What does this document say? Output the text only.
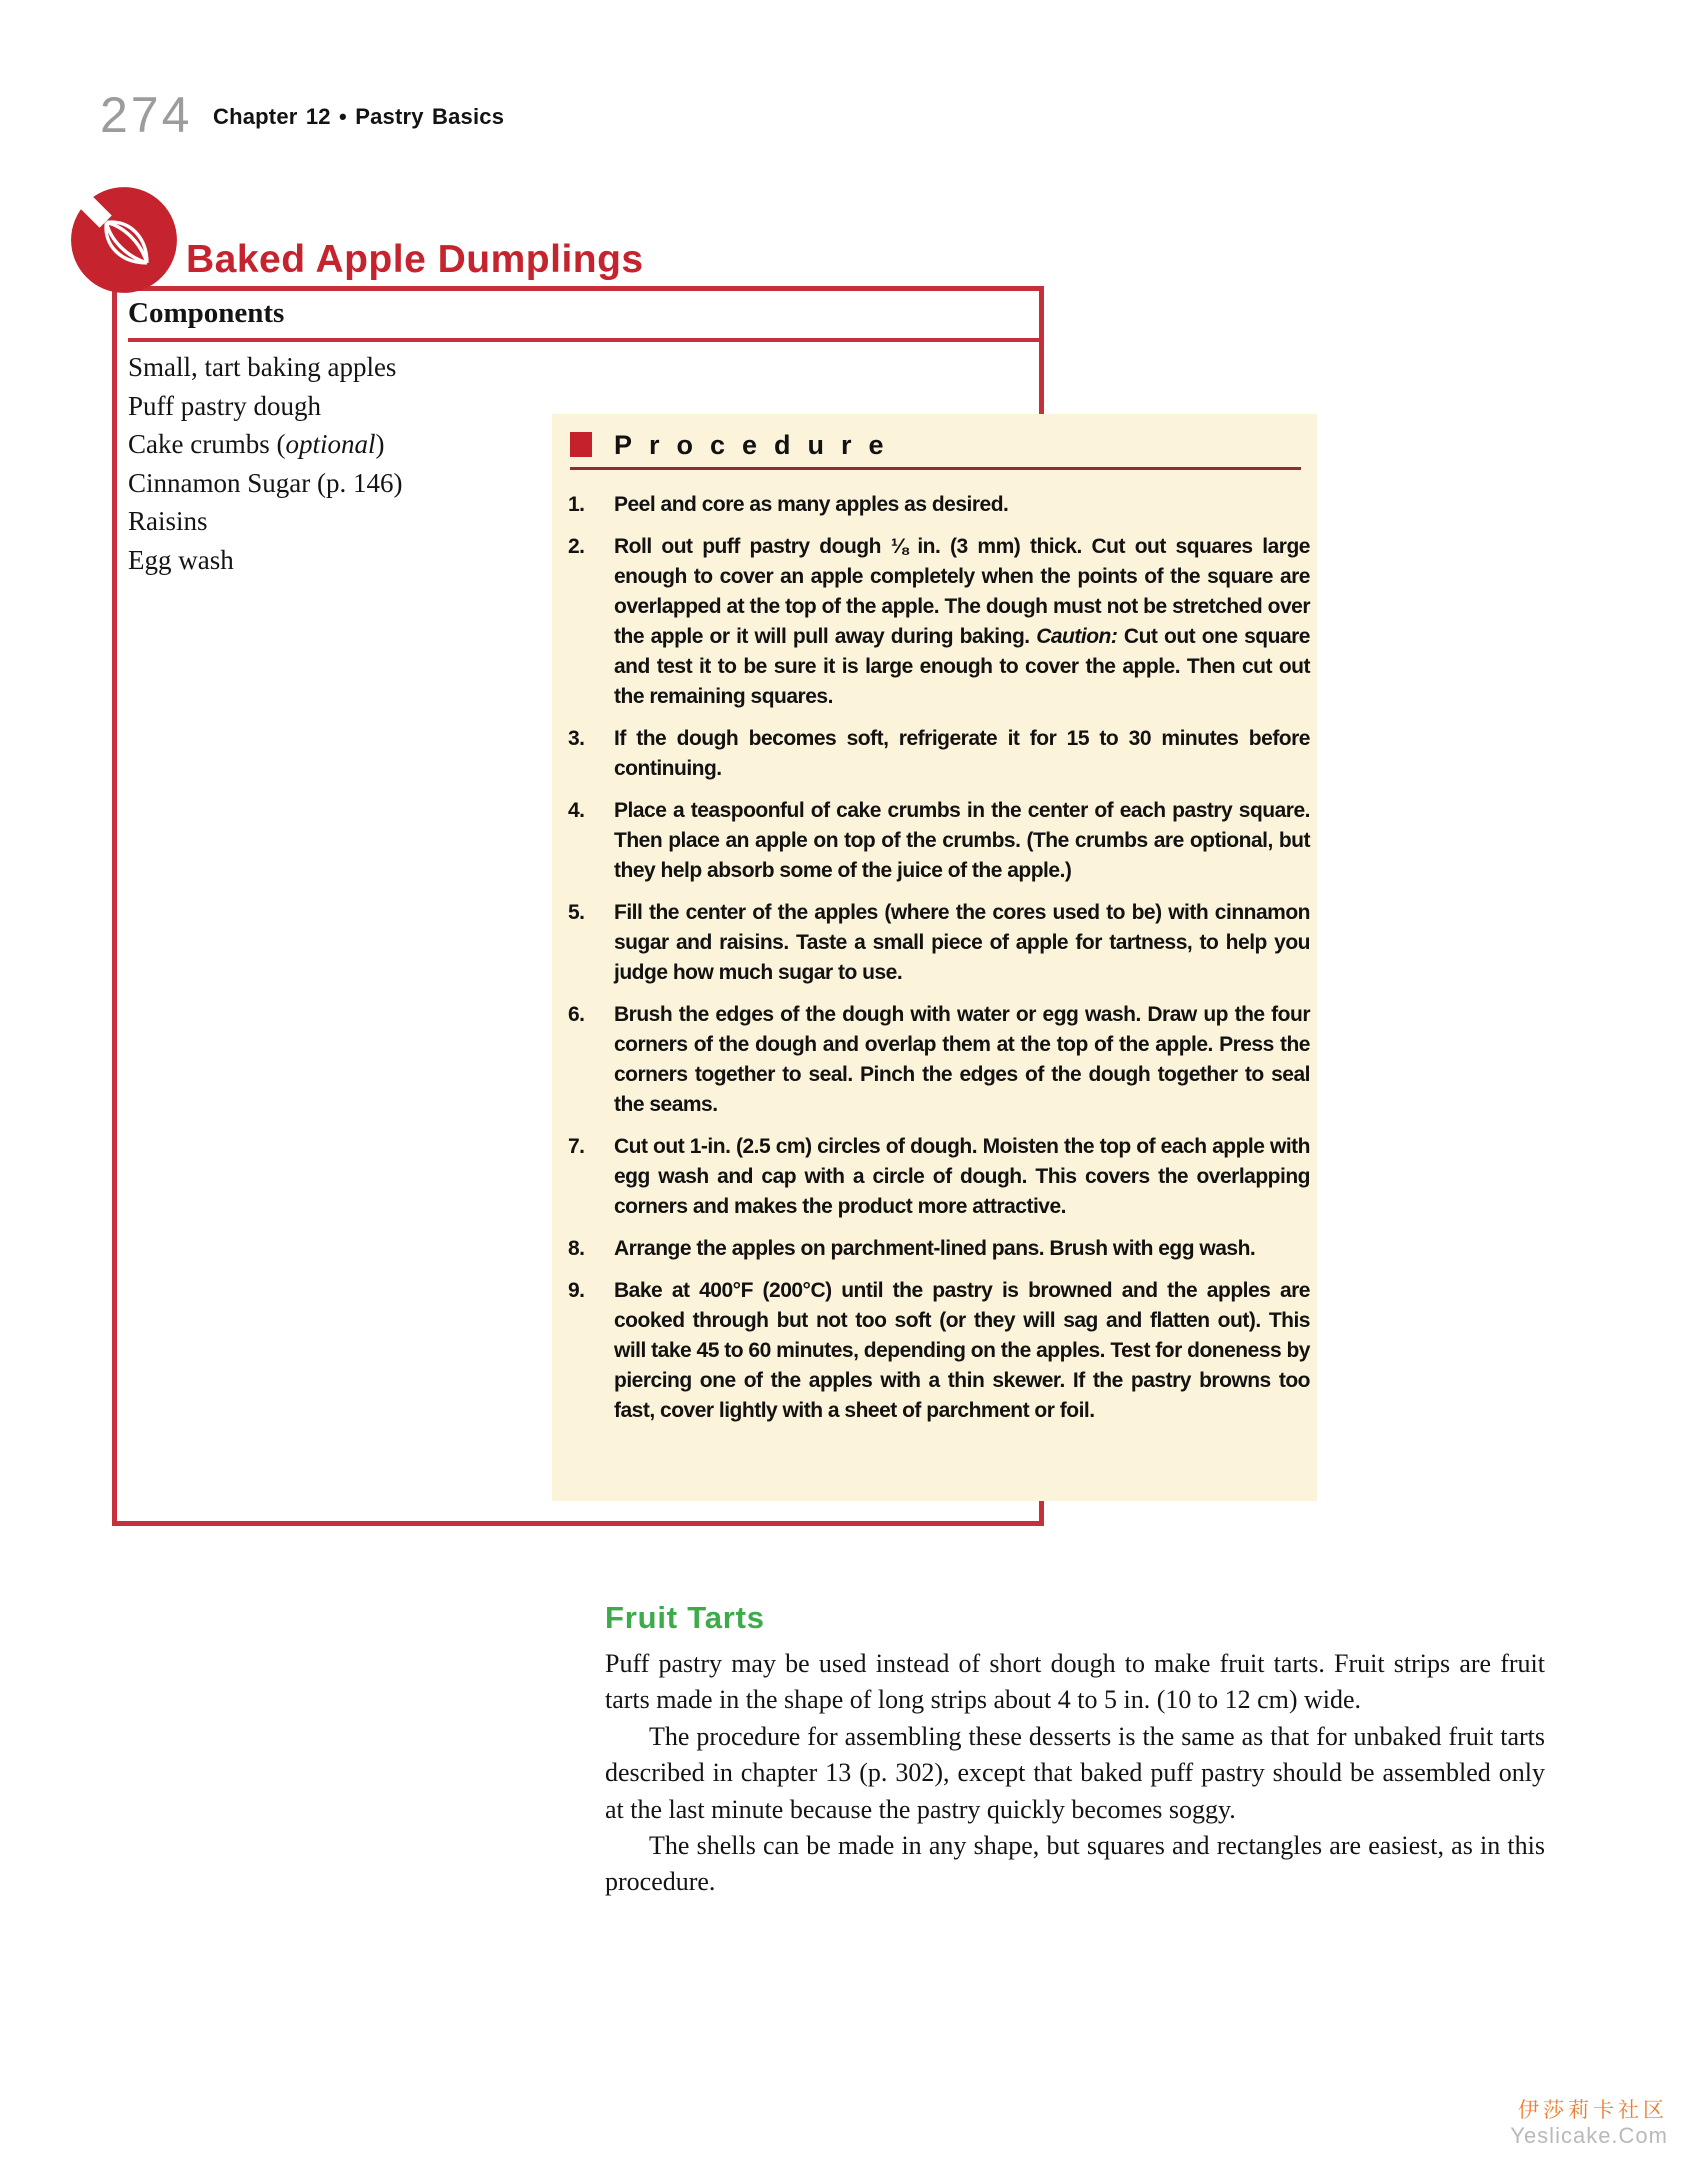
274 Chapter 12 • Pastry Basics
Baked Apple Dumplings
Components
Small, tart baking apples
Puff pastry dough
Cake crumbs (optional)
Cinnamon Sugar (p. 146)
Raisins
Egg wash
Procedure
1.	Peel and core as many apples as desired.
2.	Roll out puff pastry dough ⅛ in. (3 mm) thick. Cut out squares large enough to cover an apple completely when the points of the square are overlapped at the top of the apple. The dough must not be stretched over the apple or it will pull away during baking. Caution: Cut out one square and test it to be sure it is large enough to cover the apple. Then cut out the remaining squares.
3.	If the dough becomes soft, refrigerate it for 15 to 30 minutes before continuing.
4.	Place a teaspoonful of cake crumbs in the center of each pastry square. Then place an apple on top of the crumbs. (The crumbs are optional, but they help absorb some of the juice of the apple.)
5.	Fill the center of the apples (where the cores used to be) with cinnamon sugar and raisins. Taste a small piece of apple for tartness, to help you judge how much sugar to use.
6.	Brush the edges of the dough with water or egg wash. Draw up the four corners of the dough and overlap them at the top of the apple. Press the corners together to seal. Pinch the edges of the dough together to seal the seams.
7.	Cut out 1-in. (2.5 cm) circles of dough. Moisten the top of each apple with egg wash and cap with a circle of dough. This covers the overlapping corners and makes the product more attractive.
8.	Arrange the apples on parchment-lined pans. Brush with egg wash.
9.	Bake at 400°F (200°C) until the pastry is browned and the apples are cooked through but not too soft (or they will sag and flatten out). This will take 45 to 60 minutes, depending on the apples. Test for doneness by piercing one of the apples with a thin skewer. If the pastry browns too fast, cover lightly with a sheet of parchment or foil.
Fruit Tarts

Puff pastry may be used instead of short dough to make fruit tarts. Fruit strips are fruit tarts made in the shape of long strips about 4 to 5 in. (10 to 12 cm) wide.

The procedure for assembling these desserts is the same as that for unbaked fruit tarts described in chapter 13 (p. 302), except that baked puff pastry should be assembled only at the last minute because the pastry quickly becomes soggy.

The shells can be made in any shape, but squares and rectangles are easiest, as in this procedure.

伊莎莉卡社区
Yeslicake.Com
